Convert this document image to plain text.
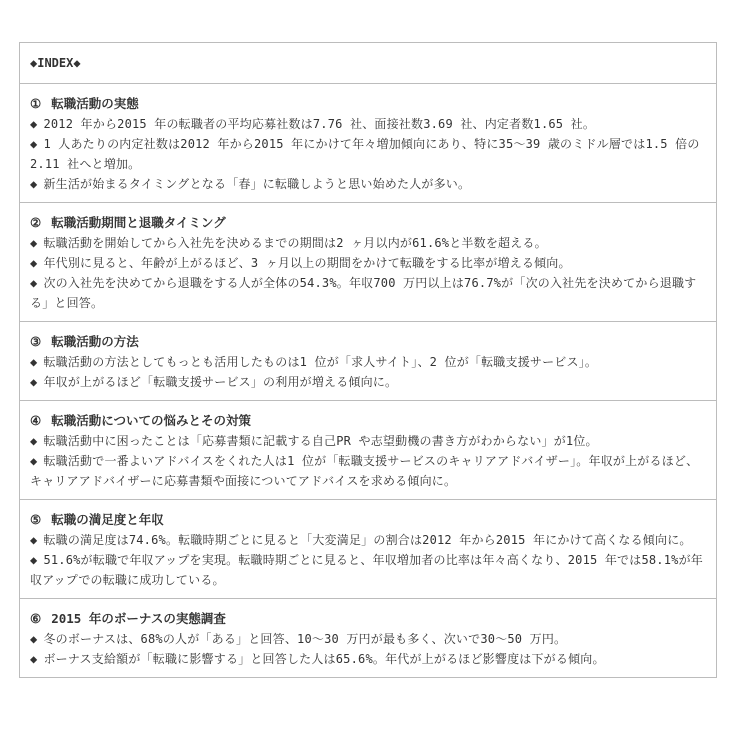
◆INDEX◆
① 転職活動の実態
◆ 2012 年から2015 年の転職者の平均応募社数は7.76 社、面接社数3.69 社、内定者数1.65 社。
◆ 1 人あたりの内定社数は2012 年から2015 年にかけて年々増加傾向にあり、特に35～39 歳のミドル層では1.5 倍の2.11 社へと増加。
◆ 新生活が始まるタイミングとなる「春」に転職しようと思い始めた人が多い。
② 転職活動期間と退職タイミング
◆ 転職活動を開始してから入社先を決めるまでの期間は2 ヶ月以内が61.6%と半数を超える。
◆ 年代別に見ると、年齢が上がるほど、3 ヶ月以上の期間をかけて転職をする比率が増える傾向。
◆ 次の入社先を決めてから退職をする人が全体の54.3%。年収700 万円以上は76.7%が「次の入社先を決めてから退職する」と回答。
③ 転職活動の方法
◆ 転職活動の方法としてもっとも活用したものは1 位が「求人サイト」、2 位が「転職支援サービス」。
◆ 年収が上がるほど「転職支援サービス」の利用が増える傾向に。
④ 転職活動についての悩みとその対策
◆ 転職活動中に困ったことは「応募書類に記載する自己PR や志望動機の書き方がわからない」が1位。
◆ 転職活動で一番よいアドバイスをくれた人は1 位が「転職支援サービスのキャリアアドバイザー」。年収が上がるほど、キャリアアドバイザーに応募書類や面接についてアドバイスを求める傾向に。
⑤ 転職の満足度と年収
◆ 転職の満足度は74.6%。転職時期ごとに見ると「大変満足」の割合は2012 年から2015 年にかけて高くなる傾向に。
◆ 51.6%が転職で年収アップを実現。転職時期ごとに見ると、年収増加者の比率は年々高くなり、2015 年では58.1%が年収アップでの転職に成功している。
⑥ 2015 年のボーナスの実態調査
◆ 冬のボーナスは、68%の人が「ある」と回答、10～30 万円が最も多く、次いで30～50 万円。
◆ ボーナス支給額が「転職に影響する」と回答した人は65.6%。年代が上がるほど影響度は下がる傾向。
